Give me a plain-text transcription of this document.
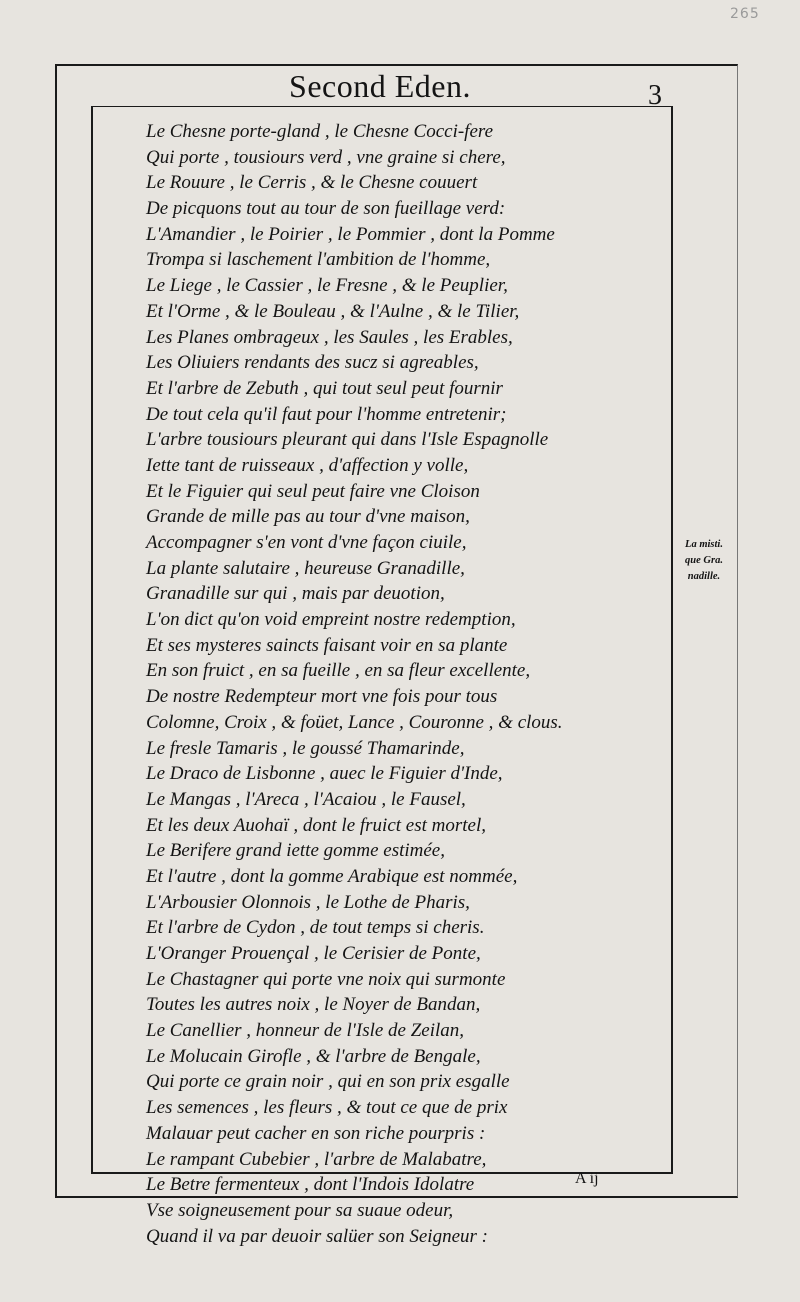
265
Second Eden.	3
Le Chesne porte-gland , le Chesne Cocci-fere
Qui porte , tousiours verd , vne graine si chere,
Le Rouure , le Cerris , & le Chesne couuert
De picquons tout au tour de son fueillage verd:
L'Amandier , le Poirier , le Pommier , dont la Pomme
Trompa si laschement l'ambition de l'homme,
Le Liege , le Cassier , le Fresne , & le Peuplier,
Et l'Orme , & le Bouleau , & l'Aulne , & le Tilier,
Les Planes ombrageux , les Saules , les Erables,
Les Oliuiers rendants des sucz si agreables,
Et l'arbre de Zebuth , qui tout seul peut fournir
De tout cela qu'il faut pour l'homme entretenir;
L'arbre tousiours pleurant qui dans l'Isle Espagnolle
Iette tant de ruisseaux , d'affection y volle,
Et le Figuier qui seul peut faire vne Cloison
Grande de mille pas au tour d'vne maison,
Accompagner s'en vont d'vne façon ciuile,
La plante salutaire , heureuse Granadille,
Granadille sur qui , mais par deuotion,
L'on dict qu'on void empreint nostre redemption,
Et ses mysteres saincts faisant voir en sa plante
En son fruict , en sa fueille , en sa fleur excellente,
De nostre Redempteur mort vne fois pour tous
Colomne, Croix , & foüet, Lance , Couronne , & clous.
Le fresle Tamaris , le goussé Thamarinde,
Le Draco de Lisbonne , auec le Figuier d'Inde,
Le Mangas , l'Areca , l'Acaiou , le Fausel,
Et les deux Auohaï , dont le fruict est mortel,
Le Berifere grand iette gomme estimée,
Et l'autre , dont la gomme Arabique est nommée,
L'Arbousier Olonnois , le Lothe de Pharis,
Et l'arbre de Cydon , de tout temps si cheris.
L'Oranger Prouençal , le Cerisier de Ponte,
Le Chastagner qui porte vne noix qui surmonte
Toutes les autres noix , le Noyer de Bandan,
Le Canellier , honneur de l'Isle de Zeilan,
Le Molucain Girofle , & l'arbre de Bengale,
Qui porte ce grain noir , qui en son prix esgalle
Les semences , les fleurs , & tout ce que de prix
Malauar peut cacher en son riche pourpris :
Le rampant Cubebier , l'arbre de Malabatre,
Le Betre fermenteux , dont l'Indois Idolatre
Vse soigneusement pour sa suaue odeur,
Quand il va par deuoir salüer son Seigneur :
La misti.
que Gra.
nadille.
A ij
